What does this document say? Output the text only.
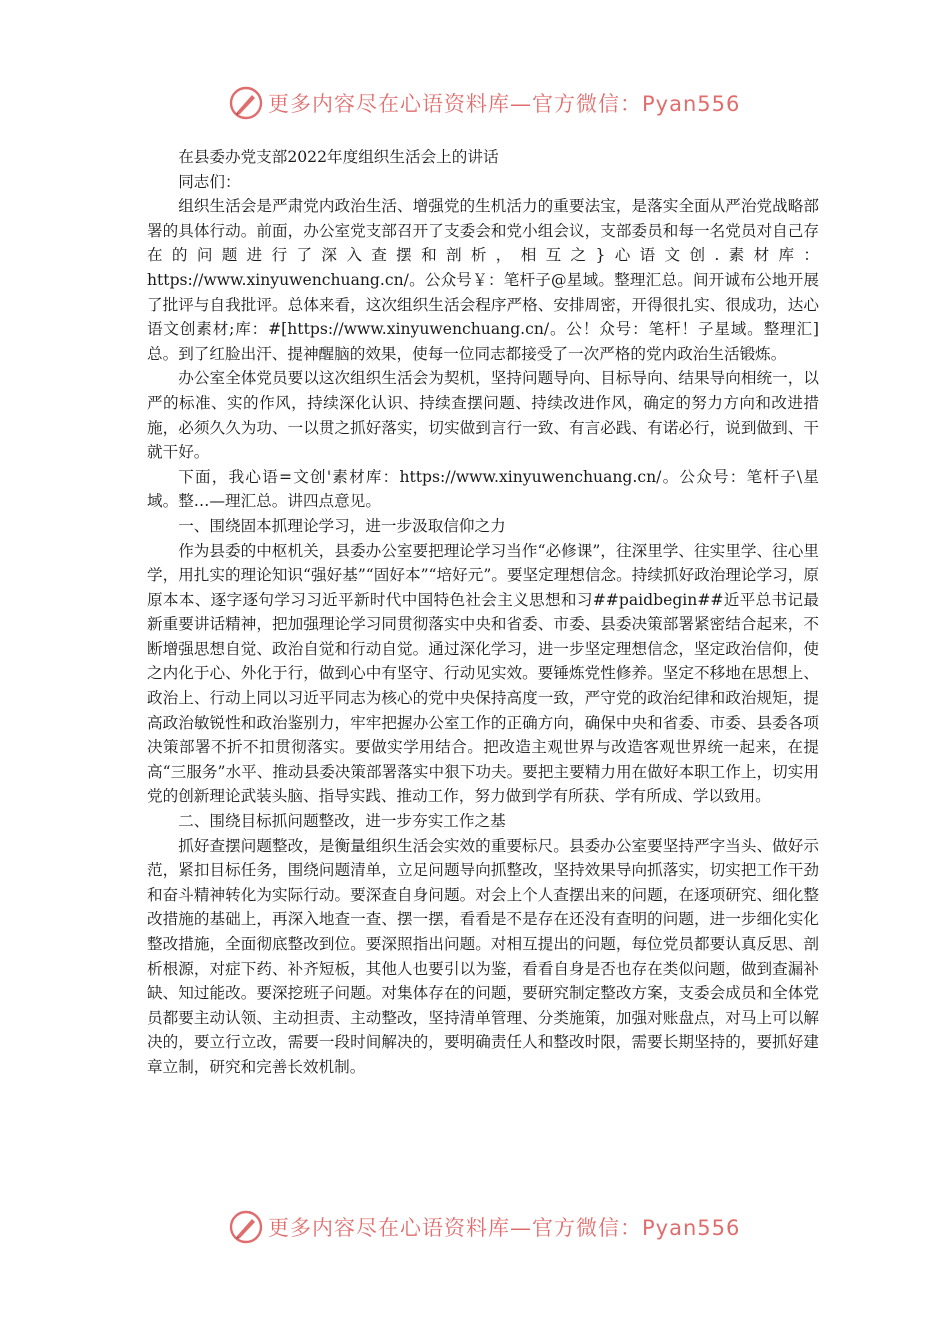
更多内容尽在心语资料库—官方微信：Pyan556

在县委办党支部2022年度组织生活会上的讲话

同志们：

组织生活会是严肃党内政治生活、增强党的生机活力的重要法宝，是落实全面从严治党战略部署的具体行动。前面，办公室党支部召开了支委会和党小组会议，支部委员和每一名党员对自己存在的问题进行了深入查摆和剖析，相互之}心语文创.素材库：https://www.xinyuwenchuang.cn/。公众号￥：笔杆子@星域。整理汇总。间开诚布公地开展了批评与自我批评。总体来看，这次组织生活会程序严格、安排周密，开得很扎实、很成功，达心语文创素材;库：#[https://www.xinyuwenchuang.cn/。公！众号：笔杆！子星域。整理汇]总。到了红脸出汗、提神醒脑的效果，使每一位同志都接受了一次严格的党内政治生活锻炼。

办公室全体党员要以这次组织生活会为契机，坚持问题导向、目标导向、结果导向相统一，以严的标准、实的作风，持续深化认识、持续查摆问题、持续改进作风，确定的努力方向和改进措施，必须久久为功、一以贯之抓好落实，切实做到言行一致、有言必践、有诺必行，说到做到、干就干好。

下面，我心语=文创'素材库：https://www.xinyuwenchuang.cn/。公众号：笔杆子\星域。整…—理汇总。讲四点意见。

一、围绕固本抓理论学习，进一步汲取信仰之力

作为县委的中枢机关，县委办公室要把理论学习当作“必修课”，往深里学、往实里学、往心里学，用扎实的理论知识“强好基”“固好本”“培好元”。要坚定理想信念。持续抓好政治理论学习，原原本本、逐字逐句学习习近平新时代中国特色社会主义思想和习##paidbegin##近平总书记最新重要讲话精神，把加强理论学习同贯彻落实中央和省委、市委、县委决策部署紧密结合起来，不断增强思想自觉、政治自觉和行动自觉。通过深化学习，进一步坚定理想信念，坚定政治信仰，使之内化于心、外化于行，做到心中有坚守、行动见实效。要锤炼党性修养。坚定不移地在思想上、政治上、行动上同以习近平同志为核心的党中央保持高度一致，严守党的政治纪律和政治规矩，提高政治敏锐性和政治鉴别力，牢牢把握办公室工作的正确方向，确保中央和省委、市委、县委各项决策部署不折不扣贯彻落实。要做实学用结合。把改造主观世界与改造客观世界统一起来，在提高“三服务”水平、推动县委决策部署落实中狠下功夫。要把主要精力用在做好本职工作上，切实用党的创新理论武装头脑、指导实践、推动工作，努力做到学有所获、学有所成、学以致用。

二、围绕目标抓问题整改，进一步夯实工作之基

抓好查摆问题整改，是衡量组织生活会实效的重要标尺。县委办公室要坚持严字当头、做好示范，紧扣目标任务，围绕问题清单，立足问题导向抓整改，坚持效果导向抓落实，切实把工作干劲和奋斗精神转化为实际行动。要深查自身问题。对会上个人查摆出来的问题，在逐项研究、细化整改措施的基础上，再深入地查一查、摆一摆，看看是不是存在还没有查明的问题，进一步细化实化整改措施，全面彻底整改到位。要深照指出问题。对相互提出的问题，每位党员都要认真反思、剖析根源，对症下药、补齐短板，其他人也要引以为鉴，看看自身是否也存在类似问题，做到查漏补缺、知过能改。要深挖班子问题。对集体存在的问题，要研究制定整改方案，支委会成员和全体党员都要主动认领、主动担责、主动整改，坚持清单管理、分类施策，加强对账盘点，对马上可以解决的，要立行立改，需要一段时间解决的，要明确责任人和整改时限，需要长期坚持的，要抓好建章立制，研究和完善长效机制。

更多内容尽在心语资料库—官方微信：Pyan556
